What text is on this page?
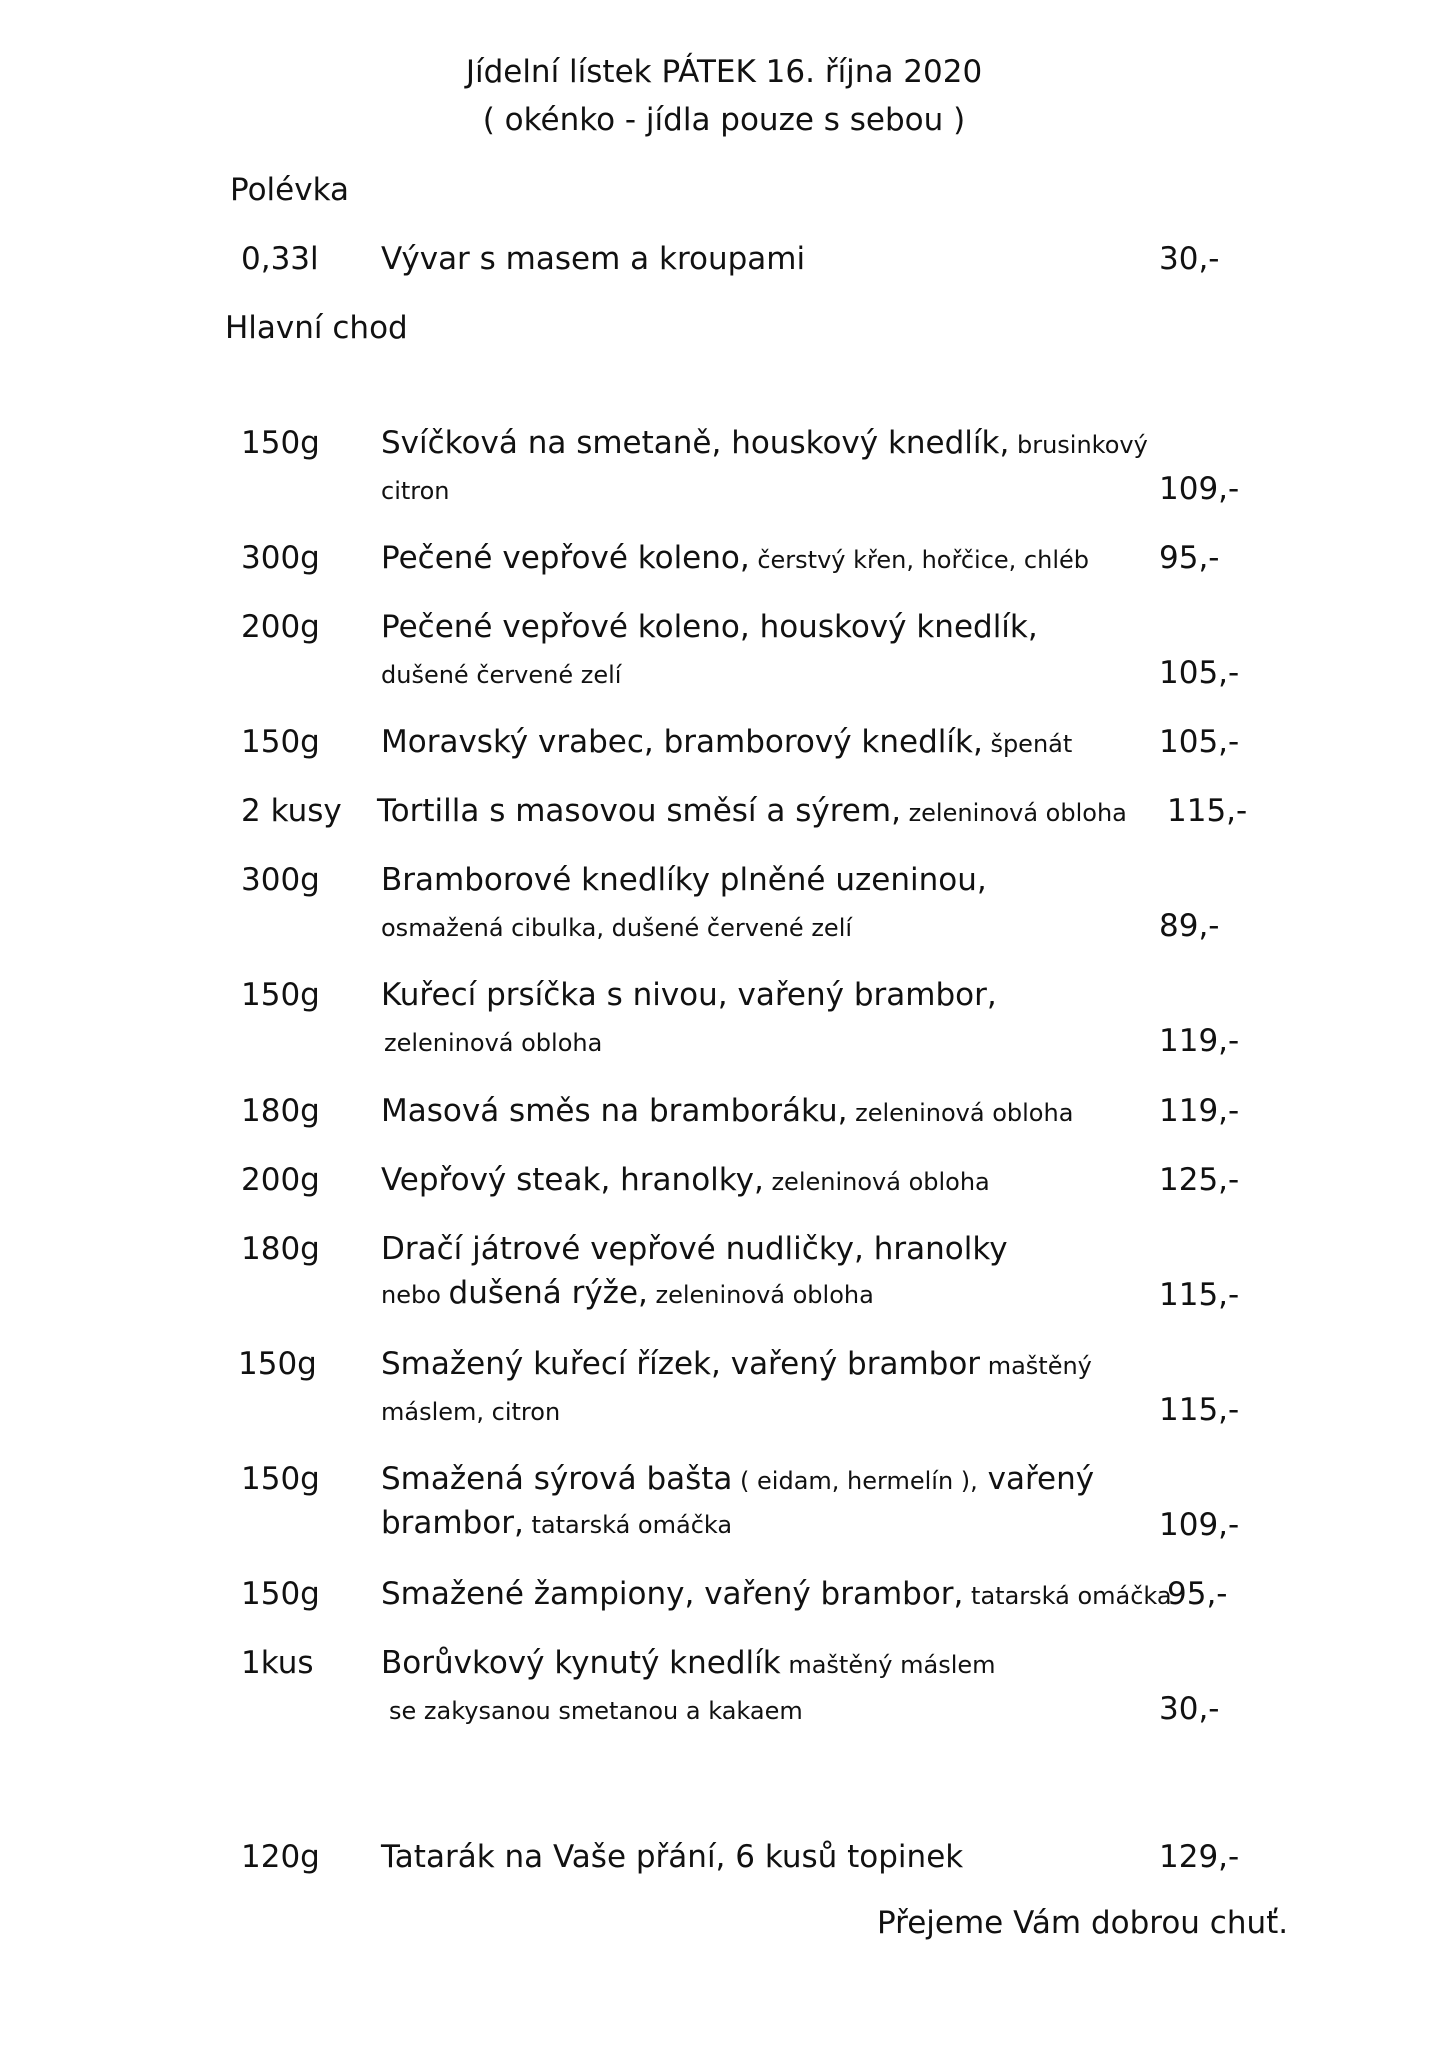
Jídelní lístek PÁTEK 16. října 2020
( okénko - jídla pouze s sebou )
Polévka
0,33l Vývar s masem a kroupami	30,-
Hlavní chod
150g Svíčková na smetaně, houskový knedlík, brusinkový
citron	109,-
300g Pečené vepřové koleno, čerstvý křen, hořčice, chléb 95,-
200g Pečené vepřové koleno, houskový knedlík,
dušené červené zelí	105,-
150g Moravský vrabec, bramborový knedlík, špenát	105,-
2 kusy Tortilla s masovou směsí a sýrem, zeleninová obloha 115,-
300g Bramborové knedlíky plněné uzeninou,
osmažená cibulka, dušené červené zelí	89,-
150g Kuřecí prsíčka s nivou, vařený brambor,
zeleninová obloha	119,-
180g Masová směs na bramboráku, zeleninová obloha	119,-
200g Vepřový steak, hranolky, zeleninová obloha	125,-
180g Dračí játrové vepřové nudličky, hranolky
nebo dušená rýže, zeleninová obloha	115,-
150g Smažený kuřecí řízek, vařený brambor maštěný
máslem, citron	115,-
150g Smažená sýrová bašta ( eidam, hermelín ), vařený
brambor, tatarská omáčka	109,-
150g Smažené žampiony, vařený brambor, tatarská omáčka
95,-
1kus Borůvkový kynutý knedlík maštěný máslem
se zakysanou smetanou a kakaem	30,-
120g Tatarák na Vaše přání, 6 kusů topinek	129,-
Přejeme Vám dobrou chuť.
